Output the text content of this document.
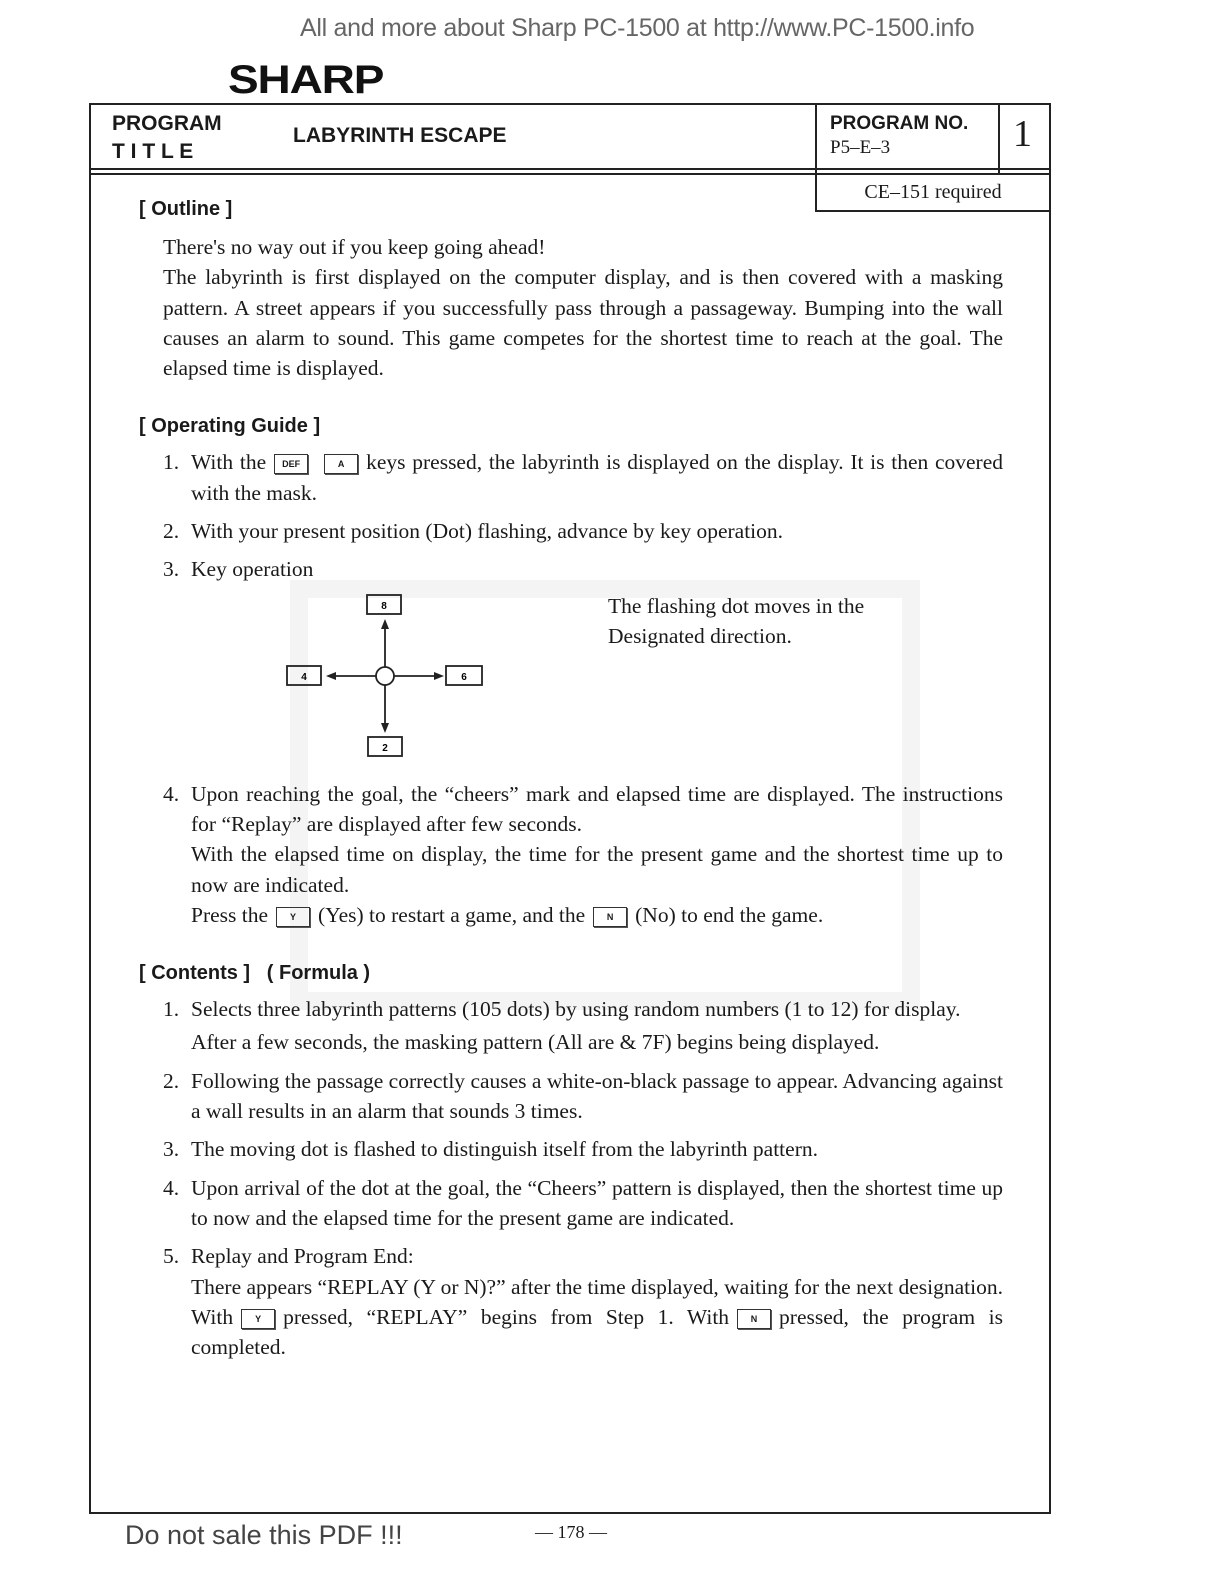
All and more about Sharp PC-1500 at http://www.PC-1500.info
SHARP
PROGRAM
T I T L E
LABYRINTH ESCAPE
PROGRAM NO.
P5–E–3	1
CE–151 required
[ Outline ]
There's no way out if you keep going ahead!
The labyrinth is first displayed on the computer display, and is then covered with a masking pattern. A street appears if you successfully pass through a passageway. Bumping into the wall causes an alarm to sound. This game competes for the shortest time to reach at the goal. The elapsed time is displayed.
[ Operating Guide ]
1. With the DEF	A keys pressed, the labyrinth is displayed on the display. It is then covered with the mask.
2. With your present position (Dot) flashing, advance by key operation.
3. Key operation
8
4	6
2
The flashing dot moves in the Designated direction.
4. Upon reaching the goal, the “cheers” mark and elapsed time are displayed. The instructions for “Replay” are displayed after few seconds.
With the elapsed time on display, the time for the present game and the shortest time up to now are indicated.
Press the Y (Yes) to restart a game, and the N (No) to end the game.
[ Contents ] ( Formula )
1. Selects three labyrinth patterns (105 dots) by using random numbers (1 to 12) for display.
After a few seconds, the masking pattern (All are & 7F) begins being displayed.
2. Following the passage correctly causes a white-on-black passage to appear. Advancing against a wall results in an alarm that sounds 3 times.
3. The moving dot is flashed to distinguish itself from the labyrinth pattern.
4. Upon arrival of the dot at the goal, the “Cheers” pattern is displayed, then the shortest time up to now and the elapsed time for the present game are indicated.
5. Replay and Program End:
There appears “REPLAY (Y or N)?” after the time displayed, waiting for the next designation. With Y pressed, “REPLAY” begins from Step 1. With N pressed, the program is completed.
Do not sale this PDF !!!	— 178 —
